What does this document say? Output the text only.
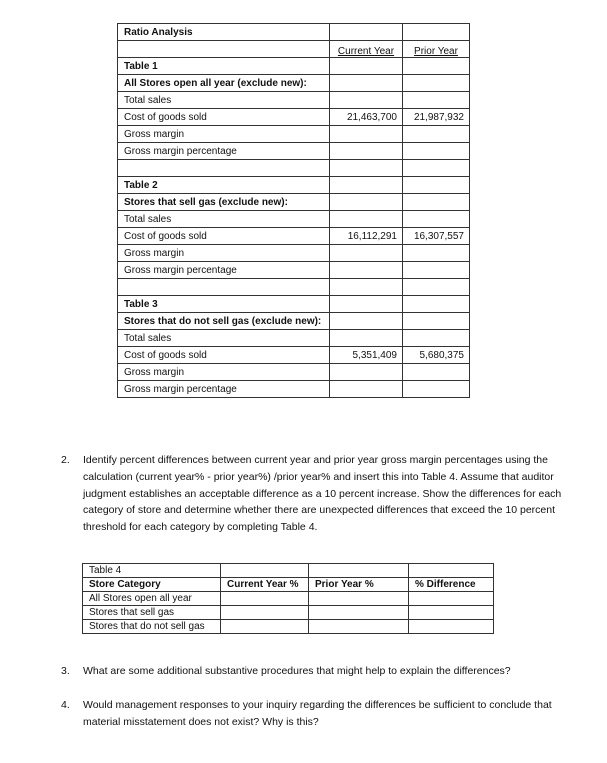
Ratio Analysis		
	Current Year	Prior Year
Table 1		
All Stores open all year (exclude new):		
Total sales		
Cost of goods sold	21,463,700	21,987,932
Gross margin		
Gross margin percentage		

Table 2		
Stores that sell gas (exclude new):		
Total sales		
Cost of goods sold	16,112,291	16,307,557
Gross margin		
Gross margin percentage		

Table 3		
Stores that do not sell gas (exclude new):		
Total sales		
Cost of goods sold	5,351,409	5,680,375
Gross margin		
Gross margin percentage		
2. Identify percent differences between current year and prior year gross margin percentages using the calculation (current year% - prior year%) /prior year% and insert this into Table 4. Assume that auditor judgment establishes an acceptable difference as a 10 percent increase. Show the differences for each category of store and determine whether there are unexpected differences that exceed the 10 percent threshold for each category by completing Table 4.
Table 4			
Store Category	Current Year %	Prior Year %	% Difference
All Stores open all year			
Stores that sell gas			
Stores that do not sell gas			
3. What are some additional substantive procedures that might help to explain the differences?
4. Would management responses to your inquiry regarding the differences be sufficient to conclude that material misstatement does not exist? Why is this?
